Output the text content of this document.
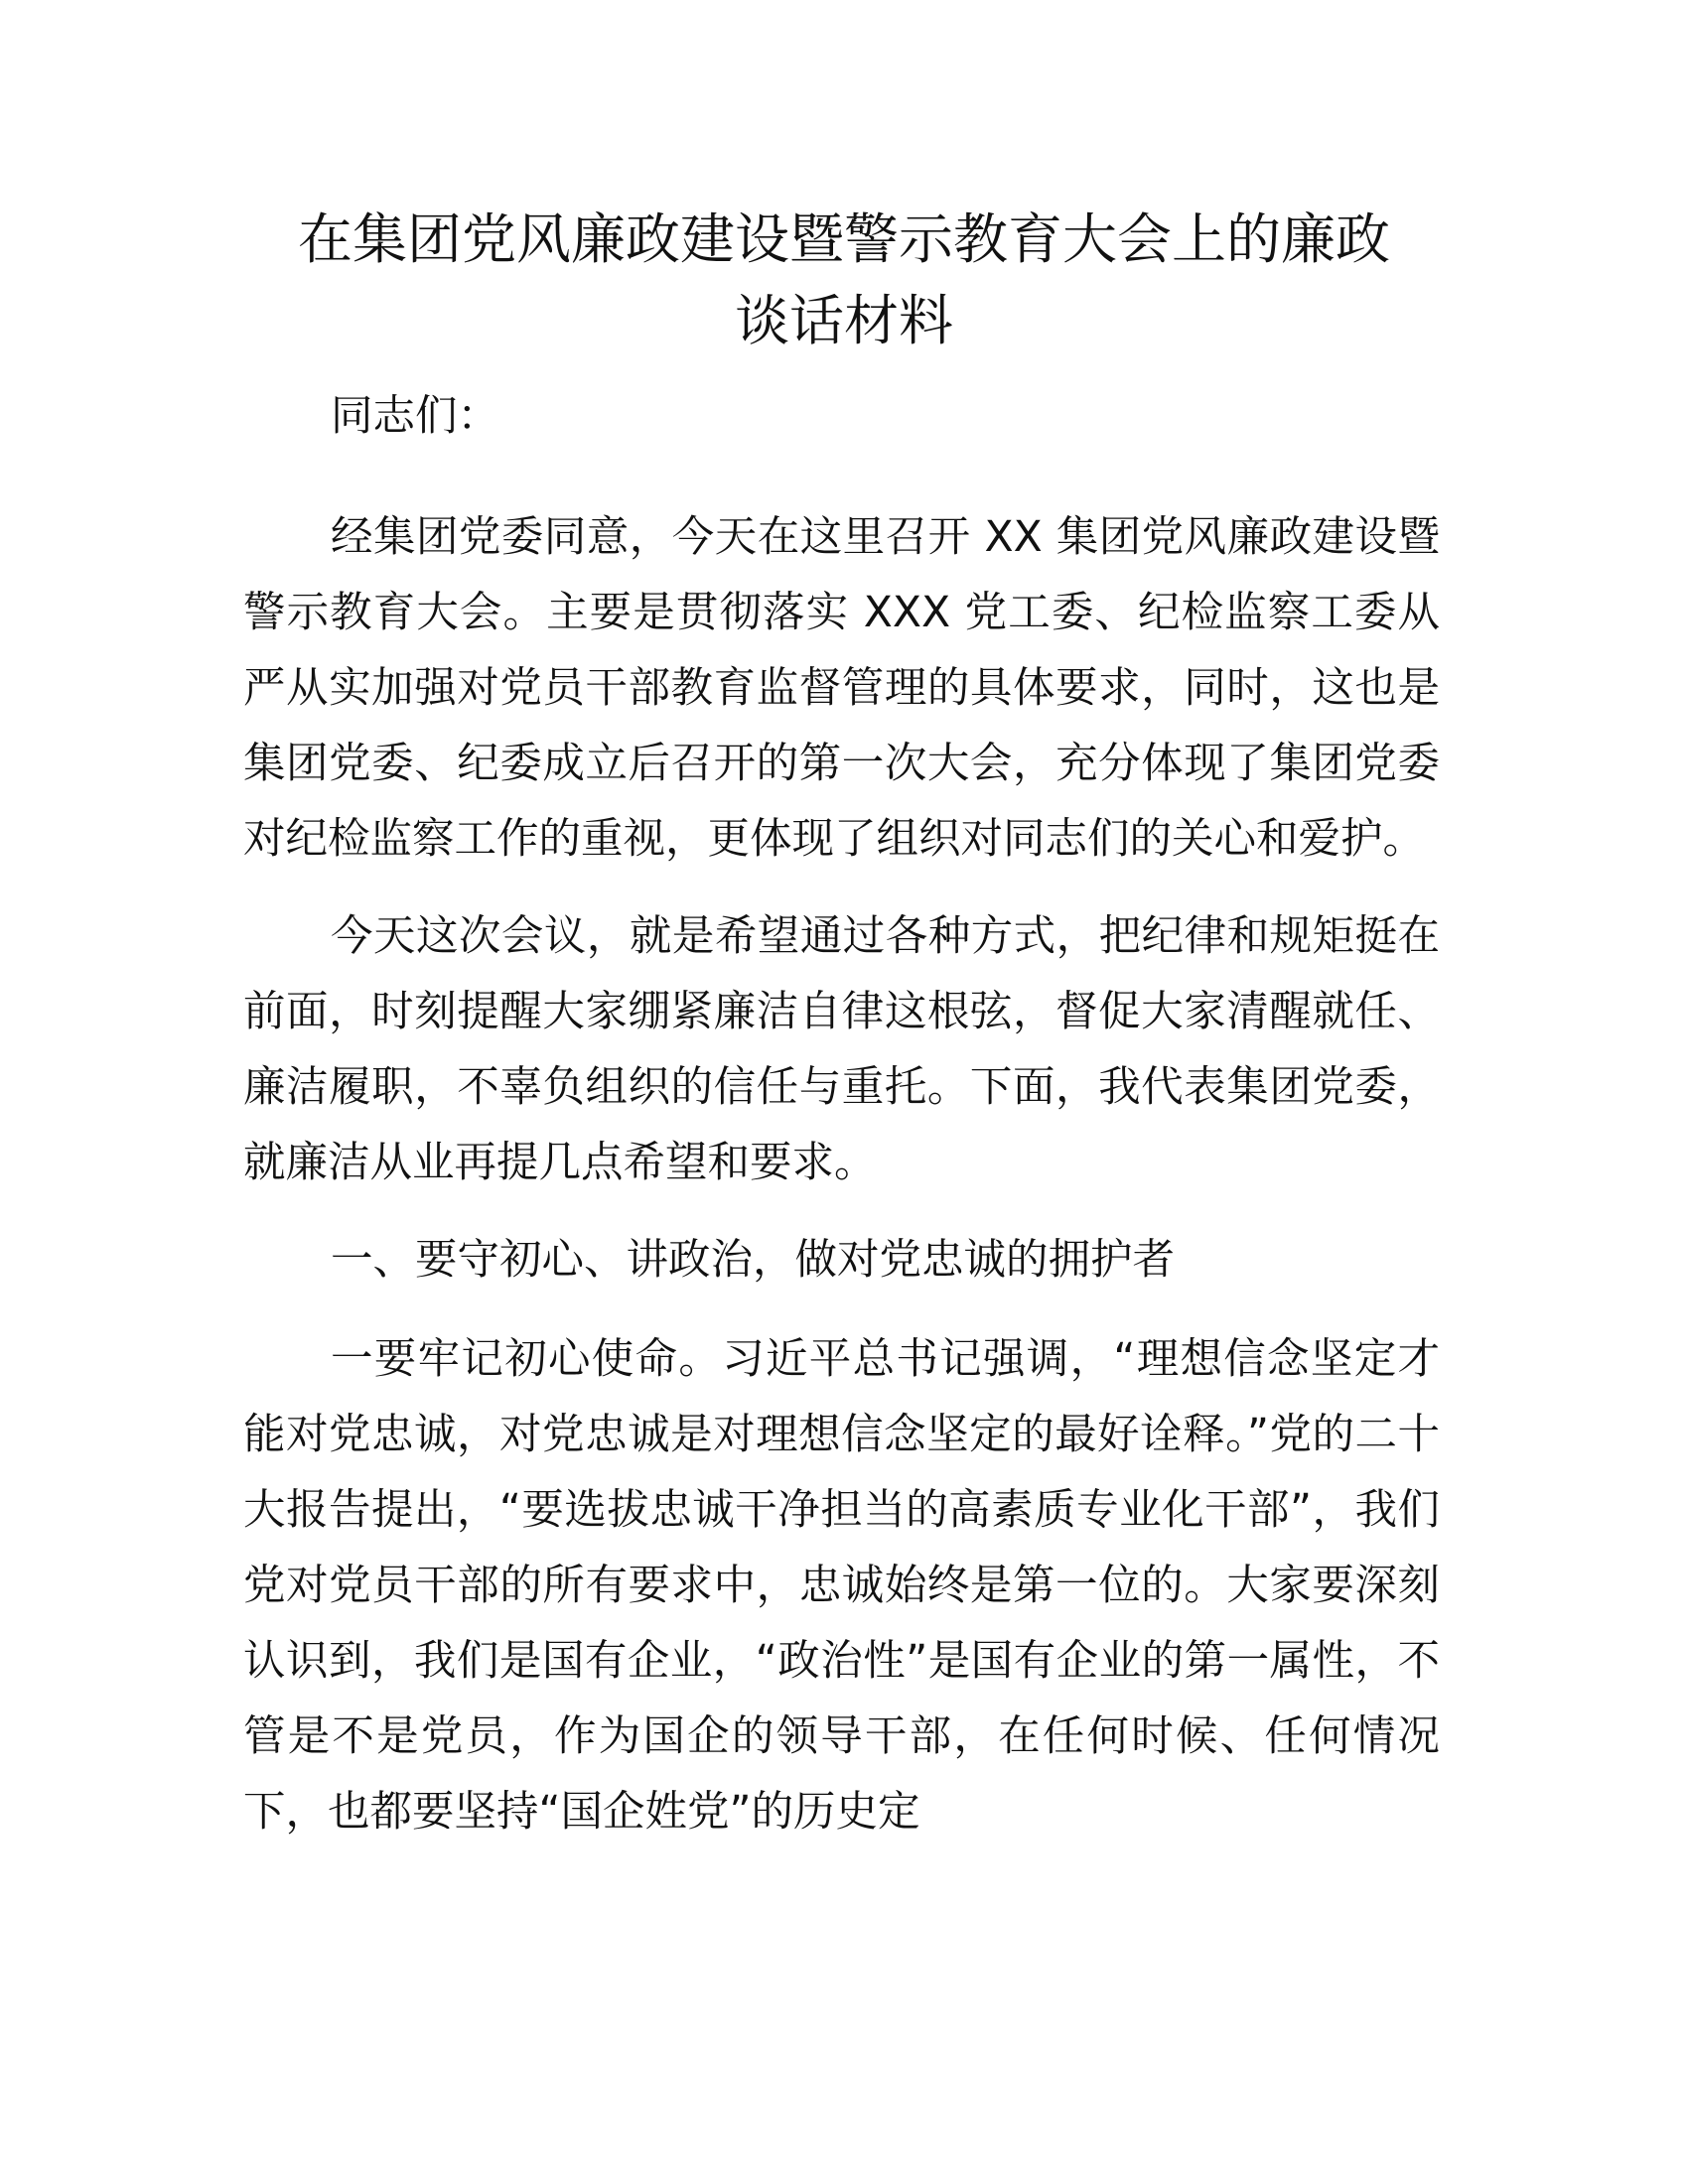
在集团党风廉政建设暨警示教育大会上的廉政
谈话材料

同志们：

经集团党委同意，今天在这里召开 XX 集团党风廉政建设暨警示教育大会。主要是贯彻落实 XXX 党工委、纪检监察工委从严从实加强对党员干部教育监督管理的具体要求，同时，这也是集团党委、纪委成立后召开的第一次大会，充分体现了集团党委对纪检监察工作的重视，更体现了组织对同志们的关心和爱护。

今天这次会议，就是希望通过各种方式，把纪律和规矩挺在前面，时刻提醒大家绷紧廉洁自律这根弦，督促大家清醒就任、廉洁履职，不辜负组织的信任与重托。下面，我代表集团党委，就廉洁从业再提几点希望和要求。

一、要守初心、讲政治，做对党忠诚的拥护者

一要牢记初心使命。习近平总书记强调，“理想信念坚定才能对党忠诚，对党忠诚是对理想信念坚定的最好诠释。”党的二十大报告提出，“要选拔忠诚干净担当的高素质专业化干部”，我们党对党员干部的所有要求中，忠诚始终是第一位的。大家要深刻认识到，我们是国有企业，“政治性”是国有企业的第一属性，不管是不是党员，作为国企的领导干部，在任何时候、任何情况下，也都要坚持“国企姓党”的历史定
